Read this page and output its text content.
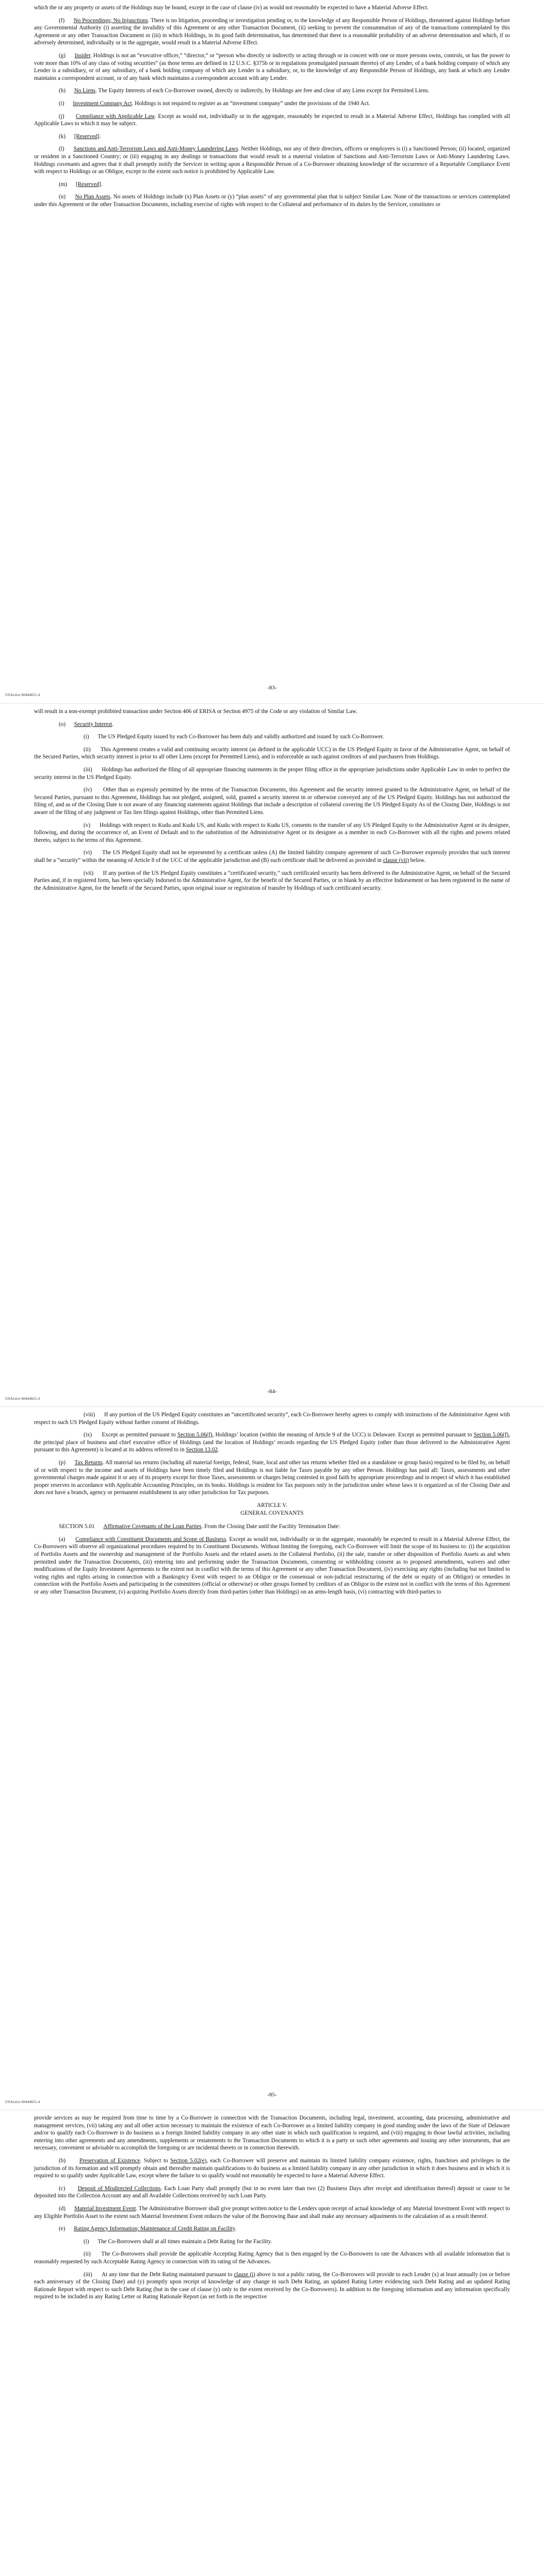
which the or any property or assets of the Holdings may be bound, except in the case of clause (iv) as would not reasonably be expected to have a Material Adverse Effect.

(f) No Proceedings; No Injunctions. There is no litigation, proceeding or investigation pending or, to the knowledge of any Responsible Person of Holdings, threatened against Holdings before any Governmental Authority (i) asserting the invalidity of this Agreement or any other Transaction Document, (ii) seeking to prevent the consummation of any of the transactions contemplated by this Agreement or any other Transaction Document or (iii) in which Holdings, in its good faith determination, has determined that there is a reasonable probability of an adverse determination and which, if so adversely determined, individually or in the aggregate, would result in a Material Adverse Effect.

(g) Insider. Holdings is not an “executive officer,” “director,” or “person who directly or indirectly or acting through or in concert with one or more persons owns, controls, or has the power to vote more than 10% of any class of voting securities” (as those terms are defined in 12 U.S.C. §375b or in regulations promulgated pursuant thereto) of any Lender, of a bank holding company of which any Lender is a subsidiary, or of any subsidiary, of a bank holding company of which any Lender is a subsidiary, or, to the knowledge of any Responsible Person of Holdings, any bank at which any Lender maintains a correspondent account, or of any bank which maintains a correspondent account with any Lender.

(h) No Liens. The Equity Interests of each Co-Borrower owned, directly or indirectly, by Holdings are free and clear of any Liens except for Permitted Liens.

(i) Investment Company Act. Holdings is not required to register as an “investment company” under the provisions of the 1940 Act.

(j) Compliance with Applicable Law. Except as would not, individually or in the aggregate, reasonably be expected to result in a Material Adverse Effect, Holdings has complied with all Applicable Laws to which it may be subject.

(k) [Reserved].

(l) Sanctions and Anti-Terrorism Laws and Anti-Money Laundering Laws. Neither Holdings, nor any of their directors, officers or employees is (i) a Sanctioned Person; (ii) located, organized or resident in a Sanctioned Country; or (iii) engaging in any dealings or transactions that would result in a material violation of Sanctions and Anti-Terrorism Laws or Anti-Money Laundering Laws. Holdings covenants and agrees that it shall promptly notify the Servicer in writing upon a Responsible Person of a Co-Borrower obtaining knowledge of the occurrence of a Reportable Compliance Event with respect to Holdings or an Obligor, except to the extent such notice is prohibited by Applicable Law.

(m) [Reserved].

(n) No Plan Assets. No assets of Holdings include (x) Plan Assets or (y) “plan assets” of any governmental plan that is subject Similar Law. None of the transactions or services contemplated under this Agreement or the other Transaction Documents, including exercise of rights with respect to the Collateral and performance of its duties by the Servicer, constitutes or

-83-
USActive 60444651.4

will result in a non-exempt prohibited transaction under Section 406 of ERISA or Section 4975 of the Code or any violation of Similar Law.

(o) Security Interest.

(i) The US Pledged Equity issued by each Co-Borrower has been duly and validly authorized and issued by such Co-Borrower.

(ii) This Agreement creates a valid and continuing security interest (as defined in the applicable UCC) in the US Pledged Equity in favor of the Administrative Agent, on behalf of the Secured Parties, which security interest is prior to all other Liens (except for Permitted Liens), and is enforceable as such against creditors of and purchasers from Holdings.

(iii) Holdings has authorized the filing of all appropriate financing statements in the proper filing office in the appropriate jurisdictions under Applicable Law in order to perfect the security interest in the US Pledged Equity.

(iv) Other than as expressly permitted by the terms of the Transaction Documents, this Agreement and the security interest granted to the Administrative Agent, on behalf of the Secured Parties, pursuant to this Agreement, Holdings has not pledged, assigned, sold, granted a security interest in or otherwise conveyed any of the US Pledged Equity. Holdings has not authorized the filing of, and as of the Closing Date is not aware of any financing statements against Holdings that include a description of collateral covering the US Pledged Equity As of the Closing Date, Holdings is not aware of the filing of any judgment or Tax lien filings against Holdings, other than Permitted Liens.

(v) Holdings with respect to Kudu and Kudu US, and Kudu with respect to Kudu US, consents to the transfer of any US Pledged Equity to the Administrative Agent or its designee, following, and during the occurrence of, an Event of Default and to the substitution of the Administrative Agent or its designee as a member in each Co-Borrower with all the rights and powers related thereto, subject to the terms of this Agreement.

(vi) The US Pledged Equity shall not be represented by a certificate unless (A) the limited liability company agreement of such Co-Borrower expressly provides that such interest shall be a “security” within the meaning of Article 8 of the UCC of the applicable jurisdiction and (B) such certificate shall be delivered as provided in clause (vii) below.

(vii) If any portion of the US Pledged Equity constitutes a “certificated security,” such certificated security has been delivered to the Administrative Agent, on behalf of the Secured Parties and, if in registered form, has been specially Indorsed to the Administrative Agent, for the benefit of the Secured Parties, or in blank by an effective Indorsement or has been registered in the name of the Administrative Agent, for the benefit of the Secured Parties, upon original issue or registration of transfer by Holdings of such certificated security.

-84-
USActive 60444651.4

(viii) If any portion of the US Pledged Equity constitutes an “uncertificated security”, each Co-Borrower hereby agrees to comply with instructions of the Administrative Agent with respect to such US Pledged Equity without further consent of Holdings.

(ix) Except as permitted pursuant to Section 5.06(f), Holdings’ location (within the meaning of Article 9 of the UCC) is Delaware. Except as permitted pursuant to Section 5.06(f), the principal place of business and chief executive office of Holdings (and the location of Holdings’ records regarding the US Pledged Equity (other than those delivered to the Administrative Agent pursuant to this Agreement) is located at its address referred to in Section 13.02.

(p) Tax Returns. All material tax returns (including all material foreign, federal, State, local and other tax returns whether filed on a standalone or group basis) required to be filed by, on behalf of or with respect to the income and assets of Holdings have been timely filed and Holdings is not liable for Taxes payable by any other Person. Holdings has paid all: Taxes, assessments and other governmental charges made against it or any of its property except for those Taxes, assessments or charges being contested in good faith by appropriate proceedings and in respect of which it has established proper reserves in accordance with Applicable Accounting Principles, on its books. Holdings is resident for Tax purposes only in the jurisdiction under whose laws it is organized as of the Closing Date and does not have a branch, agency or permanent establishment in any other jurisdiction for Tax purposes.

ARTICLE V.
GENERAL COVENANTS

SECTION 5.01 Affirmative Covenants of the Loan Parties. From the Closing Date until the Facility Termination Date:

(a) Compliance with Constituent Documents and Scope of Business. Except as would not, individually or in the aggregate, reasonably be expected to result in a Material Adverse Effect, the Co-Borrowers will observe all organizational procedures required by its Constituent Documents. Without limiting the foregoing, each Co-Borrower will limit the scope of its business to: (i) the acquisition of Portfolio Assets and the ownership and management of the Portfolio Assets and the related assets in the Collateral Portfolio, (ii) the sale, transfer or other disposition of Portfolio Assets as and when permitted under the Transaction Documents, (iii) entering into and performing under the Transaction Documents, consenting or withholding consent as to proposed amendments, waivers and other modifications of the Equity Investment Agreements to the extent not in conflict with the terms of this Agreement or any other Transaction Document, (iv) exercising any rights (including but not limited to voting rights and rights arising in connection with a Bankruptcy Event with respect to an Obligor or the consensual or non-judicial restructuring of the debt or equity of an Obligor) or remedies in connection with the Portfolio Assets and participating in the committees (official or otherwise) or other groups formed by creditors of an Obligor to the extent not in conflict with the terms of this Agreement or any other Transaction Document, (v) acquiring Portfolio Assets directly from third-parties (other than Holdings) on an arms-length basis, (vi) contracting with third-parties to

-85-
USActive 60444651.4

provide services as may be required from time to time by a Co-Borrower in connection with the Transaction Documents, including legal, investment, accounting, data processing, administrative and management services, (vii) taking any and all other action necessary to maintain the existence of each Co-Borrower as a limited liability company in good standing under the laws of the State of Delaware and/or to qualify each Co-Borrower to do business as a foreign limited liability company in any other state in which such qualification is required, and (viii) engaging in those lawful activities, including entering into other agreements and any amendments, supplements or restatements to the Transaction Documents to which it is a party or such other agreements and issuing any other instruments, that are necessary, convenient or advisable to accomplish the foregoing or are incidental thereto or in connection therewith.

(b) Preservation of Existence. Subject to Section 5.02(e), each Co-Borrower will preserve and maintain its limited liability company existence, rights, franchises and privileges in the jurisdiction of its formation and will promptly obtain and thereafter maintain qualifications to do business as a limited liability company in any other jurisdiction in which it does business and in which it is required to so qualify under Applicable Law, except where the failure to so qualify would not reasonably be expected to have a Material Adverse Effect.

(c) Deposit of Misdirected Collections. Each Loan Party shall promptly (but in no event later than two (2) Business Days after receipt and identification thereof) deposit or cause to be deposited into the Collection Account any and all Available Collections received by such Loan Party.

(d) Material Investment Event. The Administrative Borrower shall give prompt written notice to the Lenders upon receipt of actual knowledge of any Material Investment Event with respect to any Eligible Portfolio Asset to the extent such Material Investment Event reduces the value of the Borrowing Base and shall make any necessary adjustments to the calculation of as a result thereof.

(e) Rating Agency Information; Maintenance of Credit Rating on Facility.

(i) The Co-Borrowers shall at all times maintain a Debt Rating for the Facility.

(ii) The Co-Borrowers shall provide the applicable Accepting Rating Agency that is then engaged by the Co-Borrowers to rate the Advances with all available information that is reasonably requested by such Acceptable Rating Agency in connection with its rating of the Advances.

(iii) At any time that the Debt Rating maintained pursuant to clause (i) above is not a public rating, the Co-Borrowers will provide to each Lender (x) at least annually (on or before each anniversary of the Closing Date) and (y) promptly upon receipt of knowledge of any change in such Debt Rating, an updated Rating Letter evidencing such Debt Rating and an updated Rating Rationale Report with respect to such Debt Rating (but in the case of clause (y) only to the extent received by the Co-Borrowers). In addition to the foregoing information and any information specifically required to be included in any Rating Letter or Rating Rationale Report (as set forth in the respective
